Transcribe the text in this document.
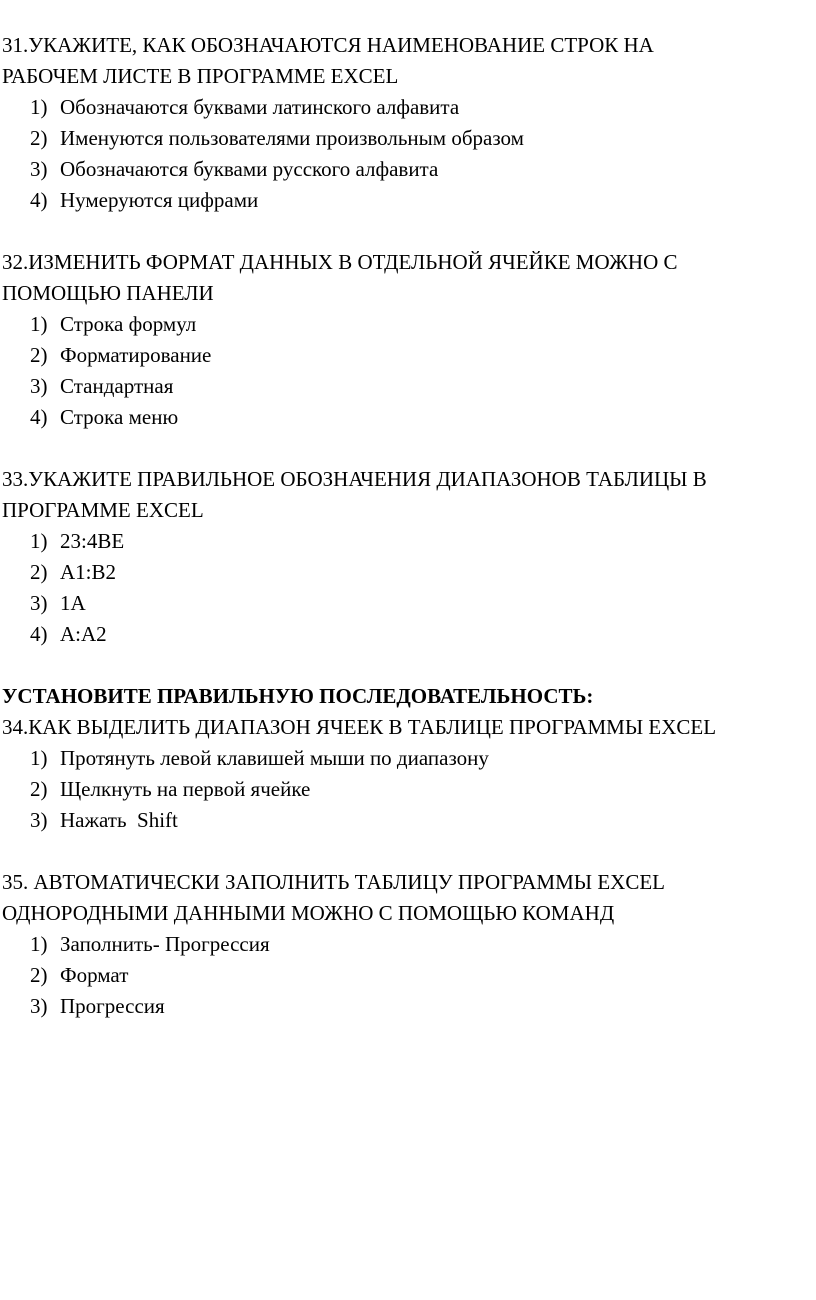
31.УКАЖИТЕ, КАК ОБОЗНАЧАЮТСЯ НАИМЕНОВАНИЕ СТРОК НА

РАБОЧЕМ ЛИСТЕ В ПРОГРАММЕ EXCEL

1) Обозначаются буквами латинского алфавита
2) Именуются пользователями произвольным образом
3) Обозначаются буквами русского алфавита
4) Нумеруются цифрами

32.ИЗМЕНИТЬ ФОРМАТ ДАННЫХ В ОТДЕЛЬНОЙ ЯЧЕЙКЕ МОЖНО С

ПОМОЩЬЮ ПАНЕЛИ

1) Строка формул
2) Форматирование
3) Стандартная
4) Строка меню

33.УКАЖИТЕ ПРАВИЛЬНОЕ ОБОЗНАЧЕНИЯ ДИАПАЗОНОВ ТАБЛИЦЫ В

ПРОГРАММЕ EXCEL

1) 23:4ВЕ
2) А1:В2
3) 1А
4) А:А2

УСТАНОВИТЕ ПРАВИЛЬНУЮ ПОСЛЕДОВАТЕЛЬНОСТЬ:

34.КАК ВЫДЕЛИТЬ ДИАПАЗОН ЯЧЕЕК В ТАБЛИЦЕ ПРОГРАММЫ EXCEL

1) Протянуть левой клавишей мыши по диапазону
2) Щелкнуть на первой ячейке
3) Нажать  Shift

35. АВТОМАТИЧЕСКИ ЗАПОЛНИТЬ ТАБЛИЦУ ПРОГРАММЫ EXCEL

ОДНОРОДНЫМИ ДАННЫМИ МОЖНО С ПОМОЩЬЮ КОМАНД

1) Заполнить- Прогрессия
2) Формат
3) Прогрессия
